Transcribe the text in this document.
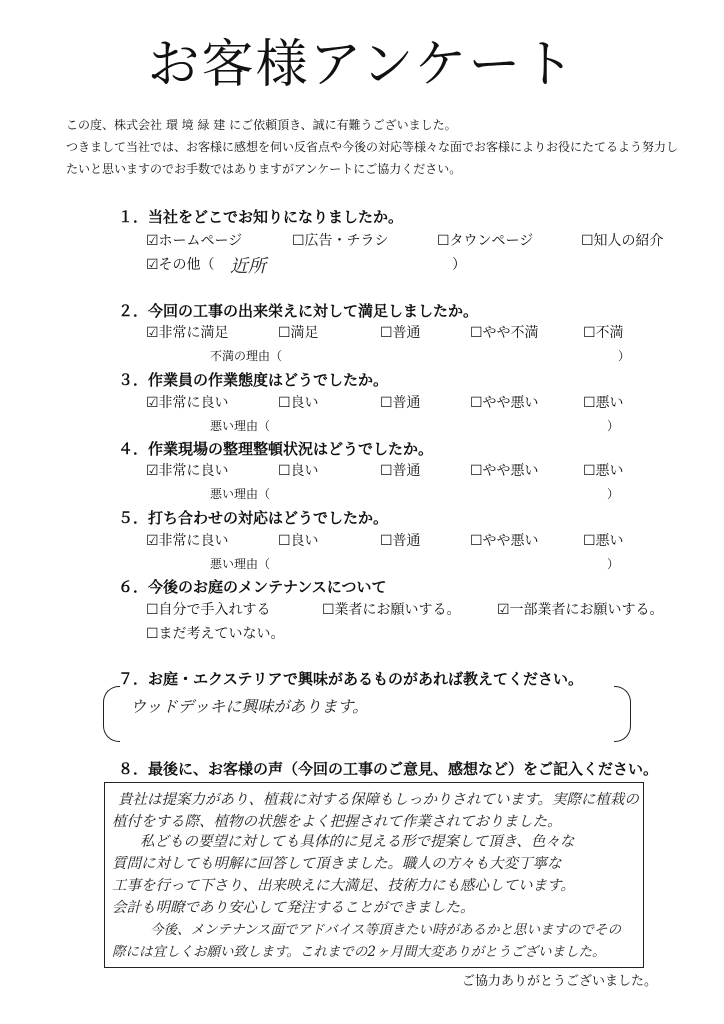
お客様アンケート
この度、株式会社 環 境 緑 建 にご依頼頂き、誠に有難うございました。
つきまして当社では、お客様に感想を伺い反省点や今後の対応等様々な面でお客様によりお役にたてるよう努力し
たいと思いますのでお手数ではありますがアンケートにご協力ください。
１．当社をどこでお知りになりましたか。
☑ホームページ	☐広告・チラシ	☐タウンページ	☐知人の紹介
☑その他（ 近所	）
２．今回の工事の出来栄えに対して満足しましたか。
☑非常に満足	☐満足	☐普通	☐やや不満	☐不満
不満の理由（	）
３．作業員の作業態度はどうでしたか。
☑非常に良い	☐良い	☐普通	☐やや悪い	☐悪い
悪い理由（	）
４．作業現場の整理整頓状況はどうでしたか。
☑非常に良い	☐良い	☐普通	☐やや悪い	☐悪い
悪い理由（	）
５．打ち合わせの対応はどうでしたか。
☑非常に良い	☐良い	☐普通	☐やや悪い	☐悪い
悪い理由（	）
６．今後のお庭のメンテナンスについて
☐自分で手入れする	☐業者にお願いする。	☑一部業者にお願いする。
☐まだ考えていない。
７．お庭・エクステリアで興味があるものがあれば教えてください。
ウッドデッキに興味があります。
８．最後に、お客様の声（今回の工事のご意見、感想など）をご記入ください。
貴社は提案力があり、植栽に対する保障もしっかりされています。実際に植栽の
植付をする際、植物の状態をよく把握されて作業されておりました。
私どもの要望に対しても具体的に見える形で提案して頂き、色々な
質問に対しても明解に回答して頂きました。職人の方々も大変丁寧な
工事を行って下さり、出来映えに大満足、技術力にも感心しています。
会計も明瞭であり安心して発注することができました。
今後、メンテナンス面でアドバイス等頂きたい時があるかと思いますのでその
際には宜しくお願い致します。これまでの2ヶ月間大変ありがとうございました。
ご協力ありがとうございました。
